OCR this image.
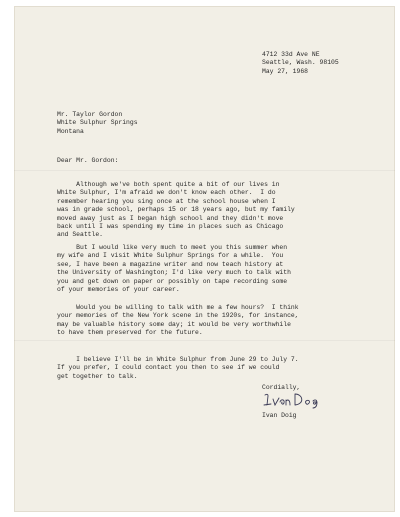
4712 33d Ave NE
Seattle, Wash. 98105
May 27, 1968
Mr. Taylor Gordon
White Sulphur Springs
Montana
Dear Mr. Gordon:
Although we've both spent quite a bit of our lives in
White Sulphur, I'm afraid we don't know each other.  I do
remember hearing you sing once at the school house when I
was in grade school, perhaps 15 or 18 years ago, but my family
moved away just as I began high school and they didn't move
back until I was spending my time in places such as Chicago
and Seattle.
But I would like very much to meet you this summer when
my wife and I visit White Sulphur Springs for a while.  You
see, I have been a magazine writer and now teach history at
the University of Washington; I'd like very much to talk with
you and get down on paper or possibly on tape recording some
of your memories of your career.
Would you be willing to talk with me a few hours?  I think
your memories of the New York scene in the 1920s, for instance,
may be valuable history some day; it would be very worthwhile
to have them preserved for the future.
I believe I'll be in White Sulphur from June 29 to July 7.
If you prefer, I could contact you then to see if we could
get together to talk.
Cordially,
Ivan Doig
